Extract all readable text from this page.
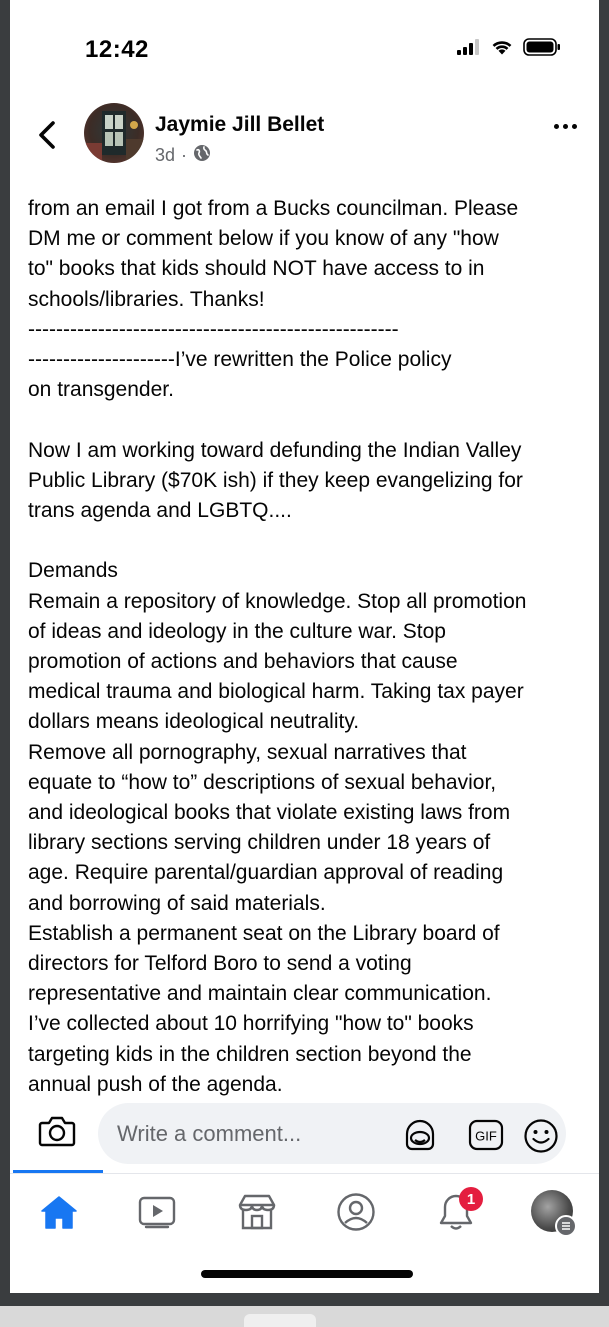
12:42
Jaymie Jill Bellet
3d ·
from an email I got from a Bucks councilman. Please
DM me or comment below if you know of any "how
to" books that kids should NOT have access to in
schools/libraries. Thanks!
-----------------------------------------------------
---------------------I’ve rewritten the Police policy
on transgender.

Now I am working toward defunding the Indian Valley
Public Library ($70K ish) if they keep evangelizing for
trans agenda and LGBTQ....

Demands
Remain a repository of knowledge. Stop all promotion
of ideas and ideology in the culture war. Stop
promotion of actions and behaviors that cause
medical trauma and biological harm. Taking tax payer
dollars means ideological neutrality.
Remove all pornography, sexual narratives that
equate to “how to” descriptions of sexual behavior,
and ideological books that violate existing laws from
library sections serving children under 18 years of
age. Require parental/guardian approval of reading
and borrowing of said materials.
Establish a permanent seat on the Library board of
directors for Telford Boro to send a voting
representative and maintain clear communication.
I’ve collected about 10 horrifying "how to" books
targeting kids in the children section beyond the
annual push of the agenda.
Write a comment...	GIF
1
